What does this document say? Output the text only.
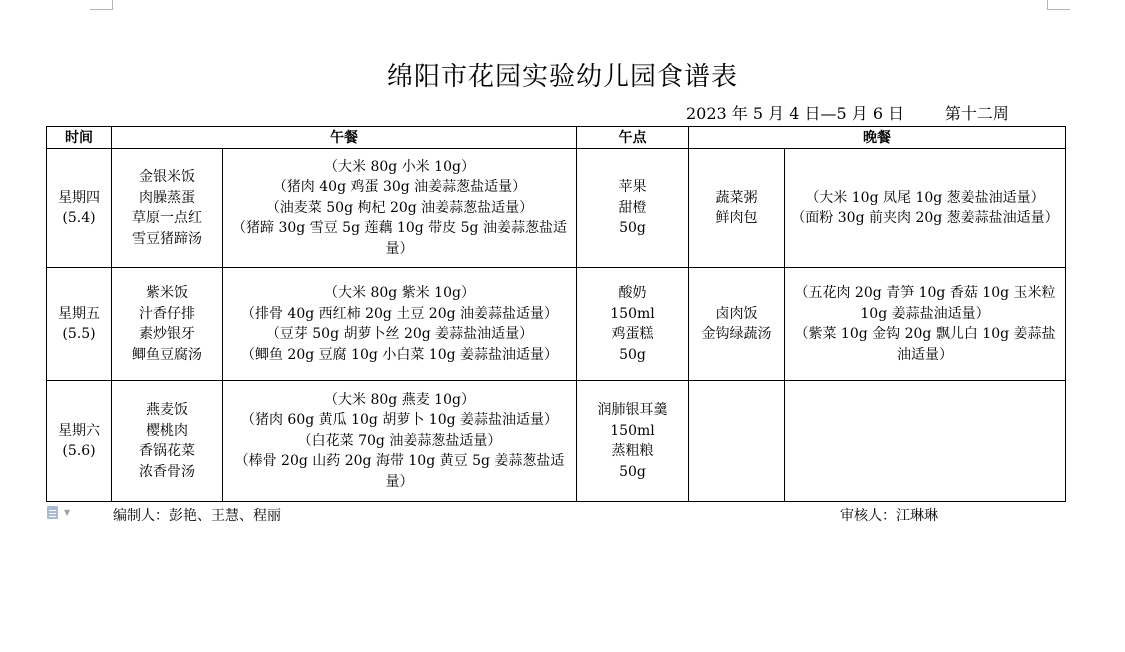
绵阳市花园实验幼儿园食谱表
2023 年 5 月 4 日—5 月 6 日	第十二周
时间	午餐		午点	晚餐	

星期四
(5.4)	金银米饭
肉臊蒸蛋
草原一点红
雪豆猪蹄汤	（大米 80g 小米 10g）
（猪肉 40g 鸡蛋 30g 油姜蒜葱盐适量）
（油麦菜 50g 枸杞 20g 油姜蒜葱盐适量）
（猪蹄 30g 雪豆 5g 莲藕 10g 带皮 5g 油姜蒜葱盐适量）	苹果
甜橙
50g	蔬菜粥
鲜肉包	（大米 10g 凤尾 10g 葱姜盐油适量）
（面粉 30g 前夹肉 20g 葱姜蒜盐油适量）

星期五
(5.5)	紫米饭
汁香仔排
素炒银牙
鲫鱼豆腐汤	（大米 80g 紫米 10g）
（排骨 40g 西红柿 20g 土豆 20g 油姜蒜盐适量）
（豆芽 50g 胡萝卜丝 20g 姜蒜盐油适量）
（鲫鱼 20g 豆腐 10g 小白菜 10g 姜蒜盐油适量）	酸奶
150ml
鸡蛋糕
50g	卤肉饭
金钩绿蔬汤	（五花肉 20g 青笋 10g 香菇 10g 玉米粒 10g 姜蒜盐油适量）
（紫菜 10g 金钩 20g 飘儿白 10g 姜蒜盐油适量）

星期六
(5.6)	燕麦饭
樱桃肉
香锅花菜
浓香骨汤	（大米 80g 燕麦 10g）
（猪肉 60g 黄瓜 10g 胡萝卜 10g 姜蒜盐油适量）
（白花菜 70g 油姜蒜葱盐适量）
（棒骨 20g 山药 20g 海带 10g 黄豆 5g 姜蒜葱盐适量）	润肺银耳羹
150ml
蒸粗粮
50g		

▼	编制人：彭艳、王慧、程丽	审核人：江琳琳
